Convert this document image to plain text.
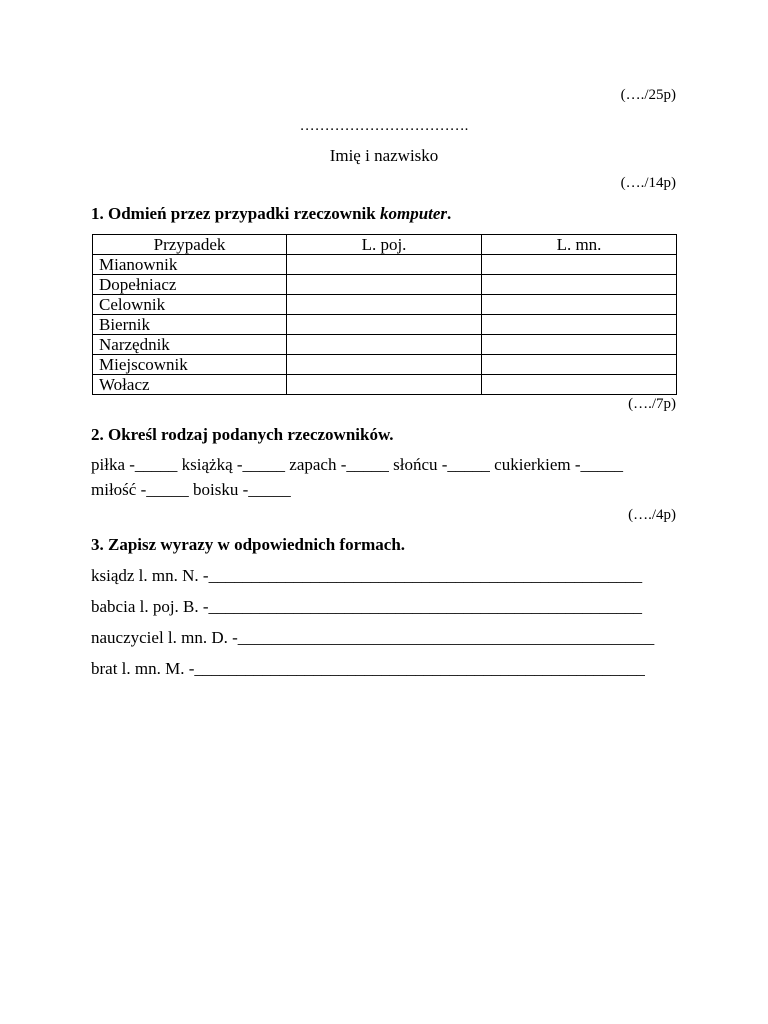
(…./25p)
…………………………….
Imię i nazwisko
(…./14p)
1. Odmień przez przypadki rzeczownik komputer.
Przypadek	L. poj.	L. mn.
Mianownik		
Dopełniacz		
Celownik		
Biernik		
Narzędnik		
Miejscownik		
Wołacz		
(…./7p)
2. Określ rodzaj podanych rzeczowników.
piłka -_____ książką -_____ zapach -_____ słońcu -_____ cukierkiem -_____
miłość -_____ boisku -_____
(…./4p)
3. Zapisz wyrazy w odpowiednich formach.
ksiądz l. mn. N. -___________________________________________________
babcia l. poj. B. -___________________________________________________
nauczyciel l. mn. D. -_________________________________________________
brat l. mn. M. -_____________________________________________________
